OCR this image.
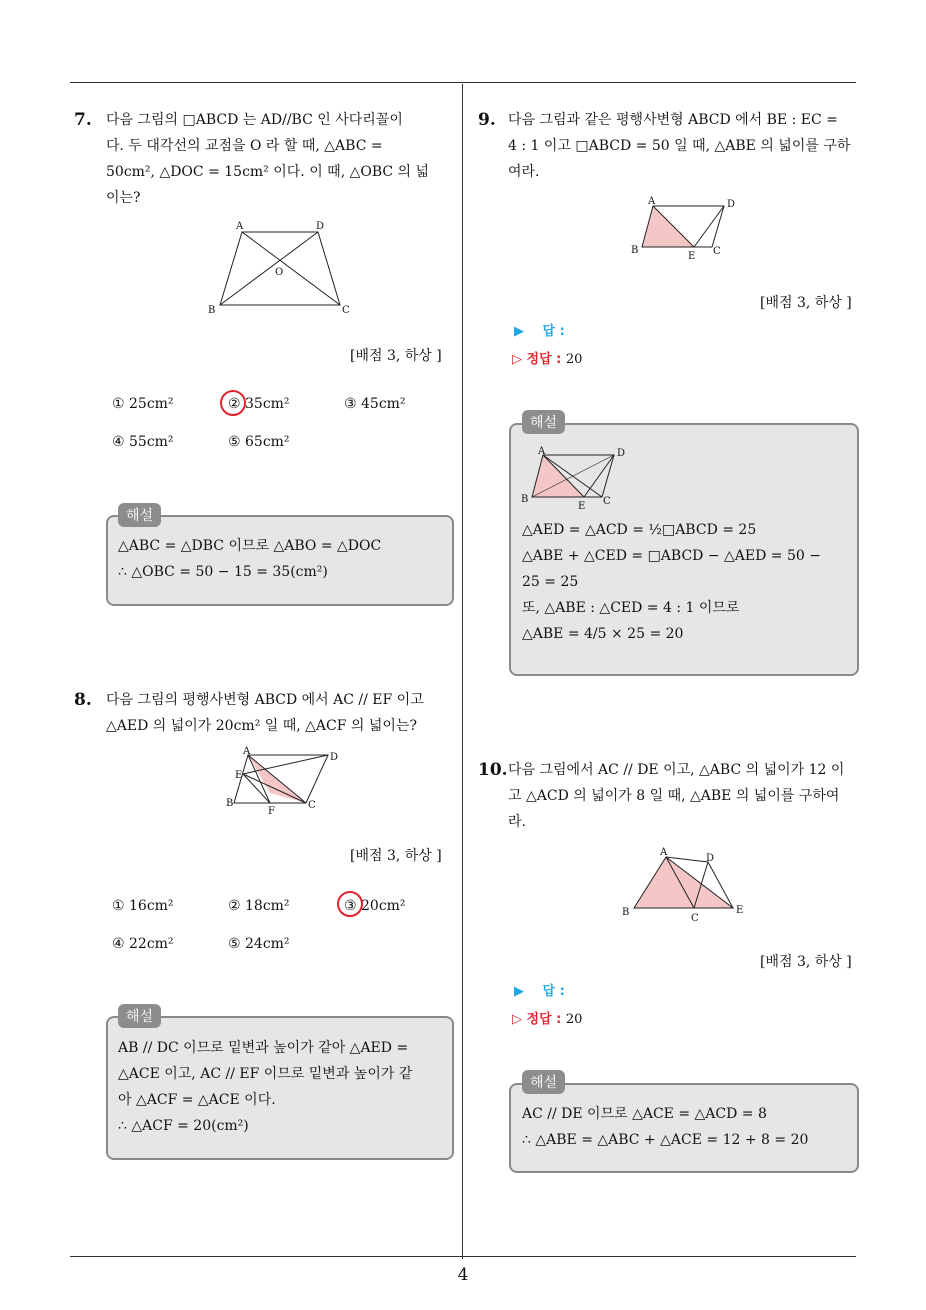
4
7. 다음 그림의 □ABCD 는 AD//BC 인 사다리꼴이
다. 두 대각선의 교점을 O 라 할 때, △ABC =
50cm², △DOC = 15cm² 이다. 이 때, △OBC 의 넓
이는?
A	D
B	C
O
[배점 3, 하상 ]
① 25cm²	② 35cm²	③ 45cm²
④ 55cm²	⑤ 65cm²
해설
△ABC = △DBC 이므로 △ABO = △DOC
∴ △OBC = 50 − 15 = 35(cm²)
8. 다음 그림의 평행사변형 ABCD 에서 AC // EF 이고
△AED 의 넓이가 20cm² 일 때, △ACF 의 넓이는?
A
D
E
B	C
F
[배점 3, 하상 ]
① 16cm²	② 18cm²	③ 20cm²
④ 22cm²	⑤ 24cm²
해설
AB // DC 이므로 밑변과 높이가 같아 △AED =
△ACE 이고, AC // EF 이므로 밑변과 높이가 같
아 △ACF = △ACE 이다.
∴ △ACF = 20(cm²)
9. 다음 그림과 같은 평행사변형 ABCD 에서 BE : EC =
4 : 1 이고 □ABCD = 50 일 때, △ABE 의 넓이를 구하
여라.
A	D
B
E C
[배점 3, 하상 ]
▶ 답 :
▷ 정답 : 20
해설
A	D
B
E C
△AED = △ACD = ½□ABCD = 25
△ABE + △CED = □ABCD − △AED = 50 −
25 = 25
또, △ABE : △CED = 4 : 1 이므로
△ABE = 4/5 × 25 = 20
10. 다음 그림에서 AC // DE 이고, △ABC 의 넓이가 12 이
고 △ACD 의 넓이가 8 일 때, △ABE 의 넓이를 구하여
라.
A
D
B
C
E
[배점 3, 하상 ]
▶ 답 :
▷ 정답 : 20
해설
AC // DE 이므로 △ACE = △ACD = 8
∴ △ABE = △ABC + △ACE = 12 + 8 = 20
